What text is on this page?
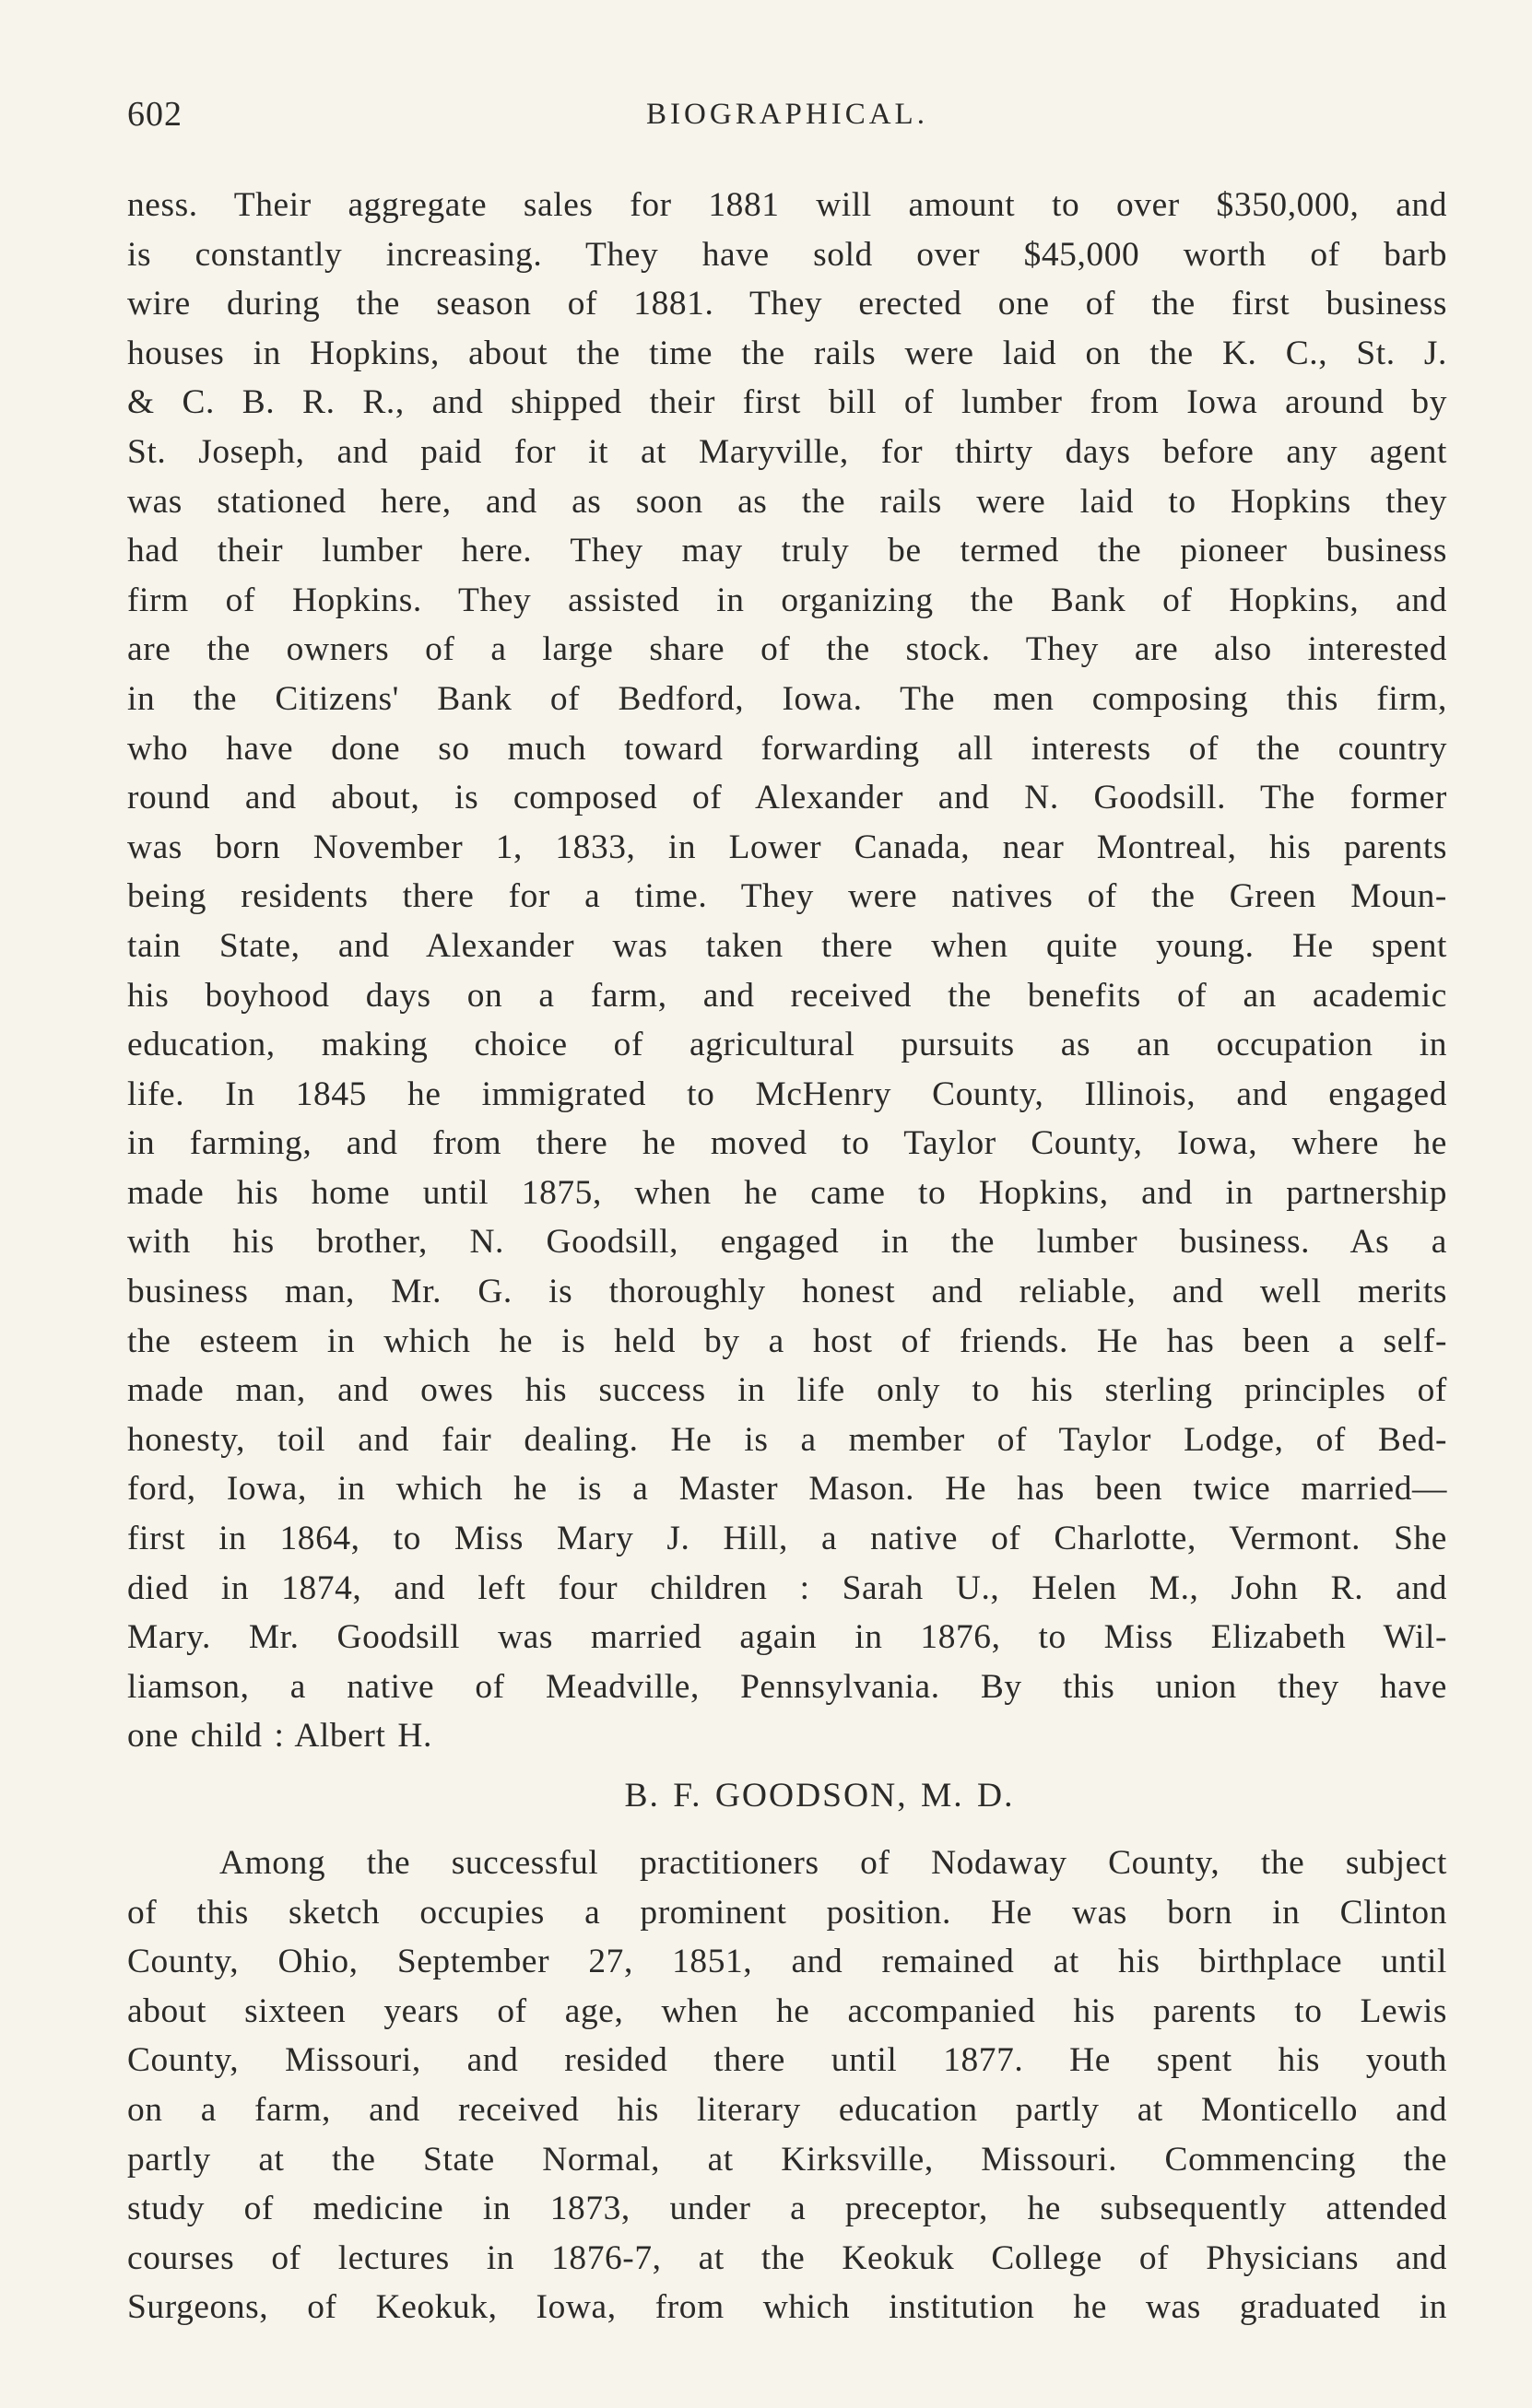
602	BIOGRAPHICAL.
ness. Their aggregate sales for 1881 will amount to over $350,000, and
is constantly increasing. They have sold over $45,000 worth of barb
wire during the season of 1881. They erected one of the first business
houses in Hopkins, about the time the rails were laid on the K. C., St. J.
& C. B. R. R., and shipped their first bill of lumber from Iowa around by
St. Joseph, and paid for it at Maryville, for thirty days before any agent
was stationed here, and as soon as the rails were laid to Hopkins they
had their lumber here. They may truly be termed the pioneer business
firm of Hopkins. They assisted in organizing the Bank of Hopkins, and
are the owners of a large share of the stock. They are also interested
in the Citizens' Bank of Bedford, Iowa. The men composing this firm,
who have done so much toward forwarding all interests of the country
round and about, is composed of Alexander and N. Goodsill. The former
was born November 1, 1833, in Lower Canada, near Montreal, his parents
being residents there for a time. They were natives of the Green Moun-
tain State, and Alexander was taken there when quite young. He spent
his boyhood days on a farm, and received the benefits of an academic
education, making choice of agricultural pursuits as an occupation in
life. In 1845 he immigrated to McHenry County, Illinois, and engaged
in farming, and from there he moved to Taylor County, Iowa, where he
made his home until 1875, when he came to Hopkins, and in partnership
with his brother, N. Goodsill, engaged in the lumber business. As a
business man, Mr. G. is thoroughly honest and reliable, and well merits
the esteem in which he is held by a host of friends. He has been a self-
made man, and owes his success in life only to his sterling principles of
honesty, toil and fair dealing. He is a member of Taylor Lodge, of Bed-
ford, Iowa, in which he is a Master Mason. He has been twice married—
first in 1864, to Miss Mary J. Hill, a native of Charlotte, Vermont. She
died in 1874, and left four children : Sarah U., Helen M., John R. and
Mary. Mr. Goodsill was married again in 1876, to Miss Elizabeth Wil-
liamson, a native of Meadville, Pennsylvania. By this union they have
one child : Albert H.
B. F. GOODSON, M. D.
Among the successful practitioners of Nodaway County, the subject
of this sketch occupies a prominent position. He was born in Clinton
County, Ohio, September 27, 1851, and remained at his birthplace until
about sixteen years of age, when he accompanied his parents to Lewis
County, Missouri, and resided there until 1877. He spent his youth
on a farm, and received his literary education partly at Monticello and
partly at the State Normal, at Kirksville, Missouri. Commencing the
study of medicine in 1873, under a preceptor, he subsequently attended
courses of lectures in 1876-7, at the Keokuk College of Physicians and
Surgeons, of Keokuk, Iowa, from which institution he was graduated in
